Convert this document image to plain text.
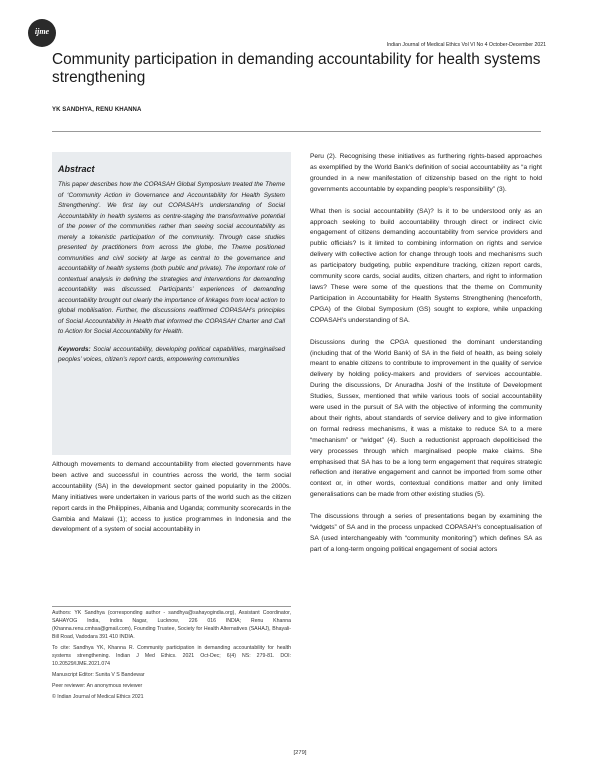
ijme
Indian Journal of Medical Ethics Vol VI No 4 October-December 2021
Community participation in demanding accountability for health systems strengthening
YK SANDHYA, RENU KHANNA
Abstract

This paper describes how the COPASAH Global Symposium treated the Theme of ‘Community Action in Governance and Accountability for Health System Strengthening’. We first lay out COPASAH’s understanding of Social Accountability in health systems as centre-staging the transformative potential of the power of the communities rather than seeing social accountability as merely a tokenistic participation of the community. Through case studies presented by practitioners from across the globe, the Theme positioned communities and civil society at large as central to the governance and accountability of health systems (both public and private). The important role of contextual analysis in defining the strategies and interventions for demanding accountability was discussed. Participants’ experiences of demanding accountability brought out clearly the importance of linkages from local action to global mobilisation. Further, the discussions reaffirmed COPASAH’s principles of Social Accountability in Health that informed the COPASAH Charter and Call to Action for Social Accountability for Health.

Keywords: Social accountability, developing political capabilities, marginalised peoples’ voices, citizen’s report cards, empowering communities

Although movements to demand accountability from elected governments have been active and successful in countries across the world, the term social accountability (SA) in the development sector gained popularity in the 2000s. Many initiatives were undertaken in various parts of the world such as the citizen report cards in the Philippines, Albania and Uganda; community scorecards in the Gambia and Malawi (1); access to justice programmes in Indonesia and the development of a system of social accountability in

Authors: YK Sandhya (corresponding author - sandhya@sahayogindia.org), Assistant Coordinator, SAHAYOG India, Indira Nagar, Lucknow, 226 016 INDIA; Renu Khanna (Khanna.renu.cmhsa@gmail.com), Founding Trustee, Society for Health Alternatives (SAHAJ), Bhayali-Bill Road, Vadodara 391 410 INDIA.

To cite: Sandhya YK, Khanna R. Community participation in demanding accountability for health systems strengthening. Indian J Med Ethics. 2021 Oct-Dec; 6(4) NS: 279-81. DOI: 10.20529/IJME.2021.074

Manuscript Editor: Sunita V S Bandewar

Peer reviewer: An anonymous reviewer

© Indian Journal of Medical Ethics 2021

Peru (2). Recognising these initiatives as furthering rights-based approaches as exemplified by the World Bank’s definition of social accountability as “a right grounded in a new manifestation of citizenship based on the right to hold governments accountable by expanding people’s responsibility” (3).

What then is social accountability (SA)? Is it to be understood only as an approach seeking to build accountability through direct or indirect civic engagement of citizens demanding accountability from service providers and public officials? Is it limited to combining information on rights and service delivery with collective action for change through tools and mechanisms such as participatory budgeting, public expenditure tracking, citizen report cards, community score cards, social audits, citizen charters, and right to information laws? These were some of the questions that the theme on Community Participation in Accountability for Health Systems Strengthening (henceforth, CPGA) of the Global Symposium (GS) sought to explore, while unpacking COPASAH’s understanding of SA.

Discussions during the CPGA questioned the dominant understanding (including that of the World Bank) of SA in the field of health, as being solely meant to enable citizens to contribute to improvement in the quality of service delivery by holding policy-makers and providers of services accountable. During the discussions, Dr Anuradha Joshi of the Institute of Development Studies, Sussex, mentioned that while various tools of social accountability were used in the pursuit of SA with the objective of informing the community about their rights, about standards of service delivery and to give information on formal redress mechanisms, it was a mistake to reduce SA to a mere “mechanism” or “widget” (4). Such a reductionist approach depoliticised the very processes through which marginalised people make claims. She emphasised that SA has to be a long term engagement that requires strategic reflection and iterative engagement and cannot be imported from some other context or, in other words, contextual conditions matter and only limited generalisations can be made from other existing studies (5).

The discussions through a series of presentations began by examining the “widgets” of SA and in the process unpacked COPASAH’s conceptualisation of SA (used interchangeably with “community monitoring”) which defines SA as part of a long-term ongoing political engagement of social actors

[279]
